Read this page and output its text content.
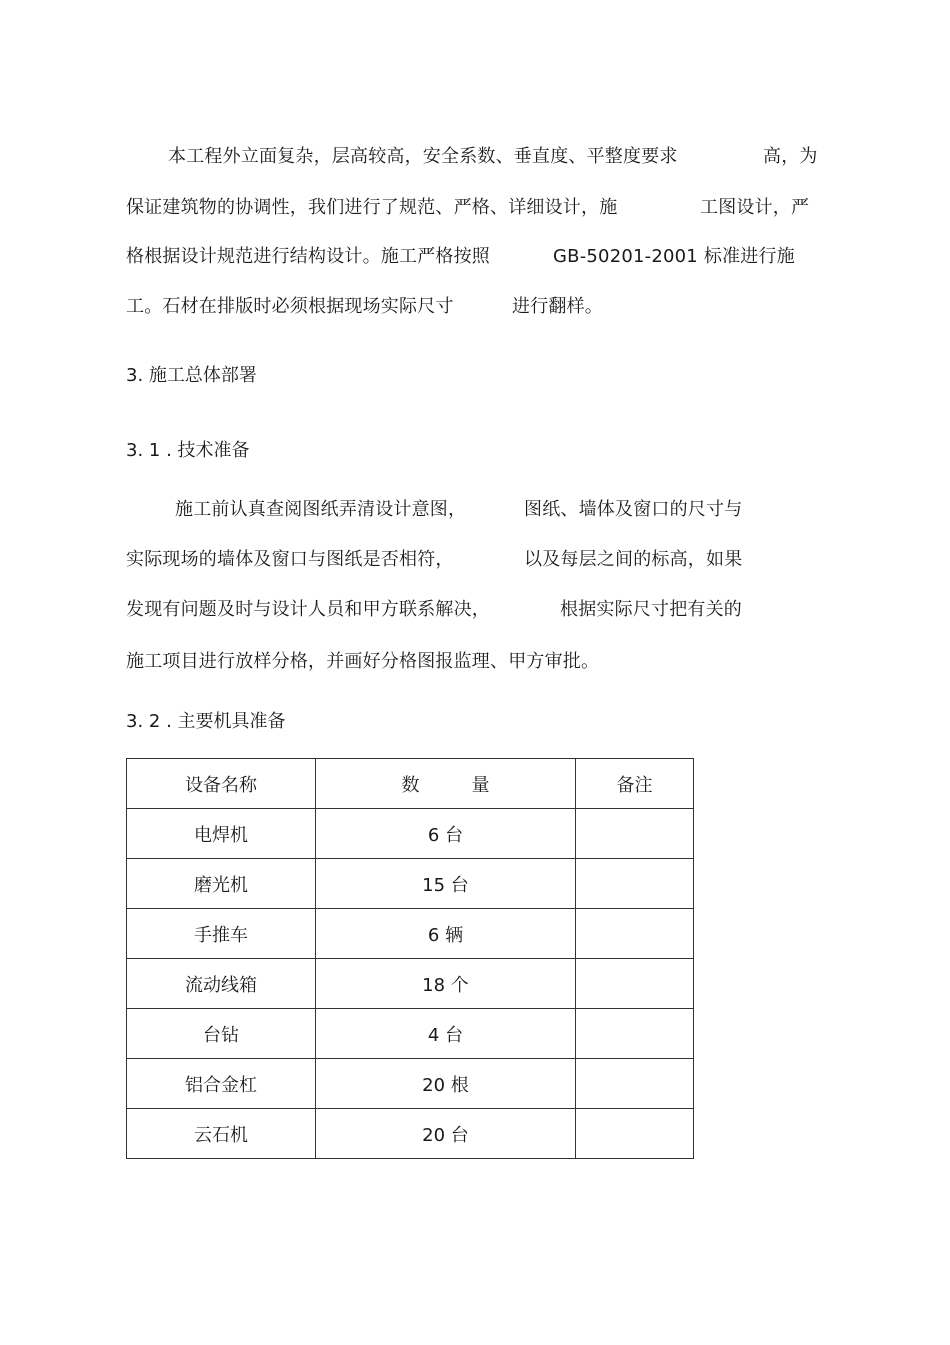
本工程外立面复杂，层高较高，安全系数、垂直度、平整度要求	高，为
保证建筑物的协调性，我们进行了规范、严格、详细设计，施	工图设计，严
格根据设计规范进行结构设计。施工严格按照	GB-50201-2001 标准进行施
工。石材在排版时必须根据现场实际尺寸	进行翻样。
3. 施工总体部署
3. 1 . 技术准备
施工前认真查阅图纸弄清设计意图，	图纸、墙体及窗口的尺寸与
实际现场的墙体及窗口与图纸是否相符，	以及每层之间的标高，如果
发现有问题及时与设计人员和甲方联系解决，	根据实际尺寸把有关的
施工项目进行放样分格，并画好分格图报监理、甲方审批。
3. 2 . 主要机具准备
设备名称	数 量	备注
电焊机	6 台	
磨光机	15 台	
手推车	6 辆	
流动线箱	18 个	
台钻	4 台	
铝合金杠	20 根	
云石机	20 台	
